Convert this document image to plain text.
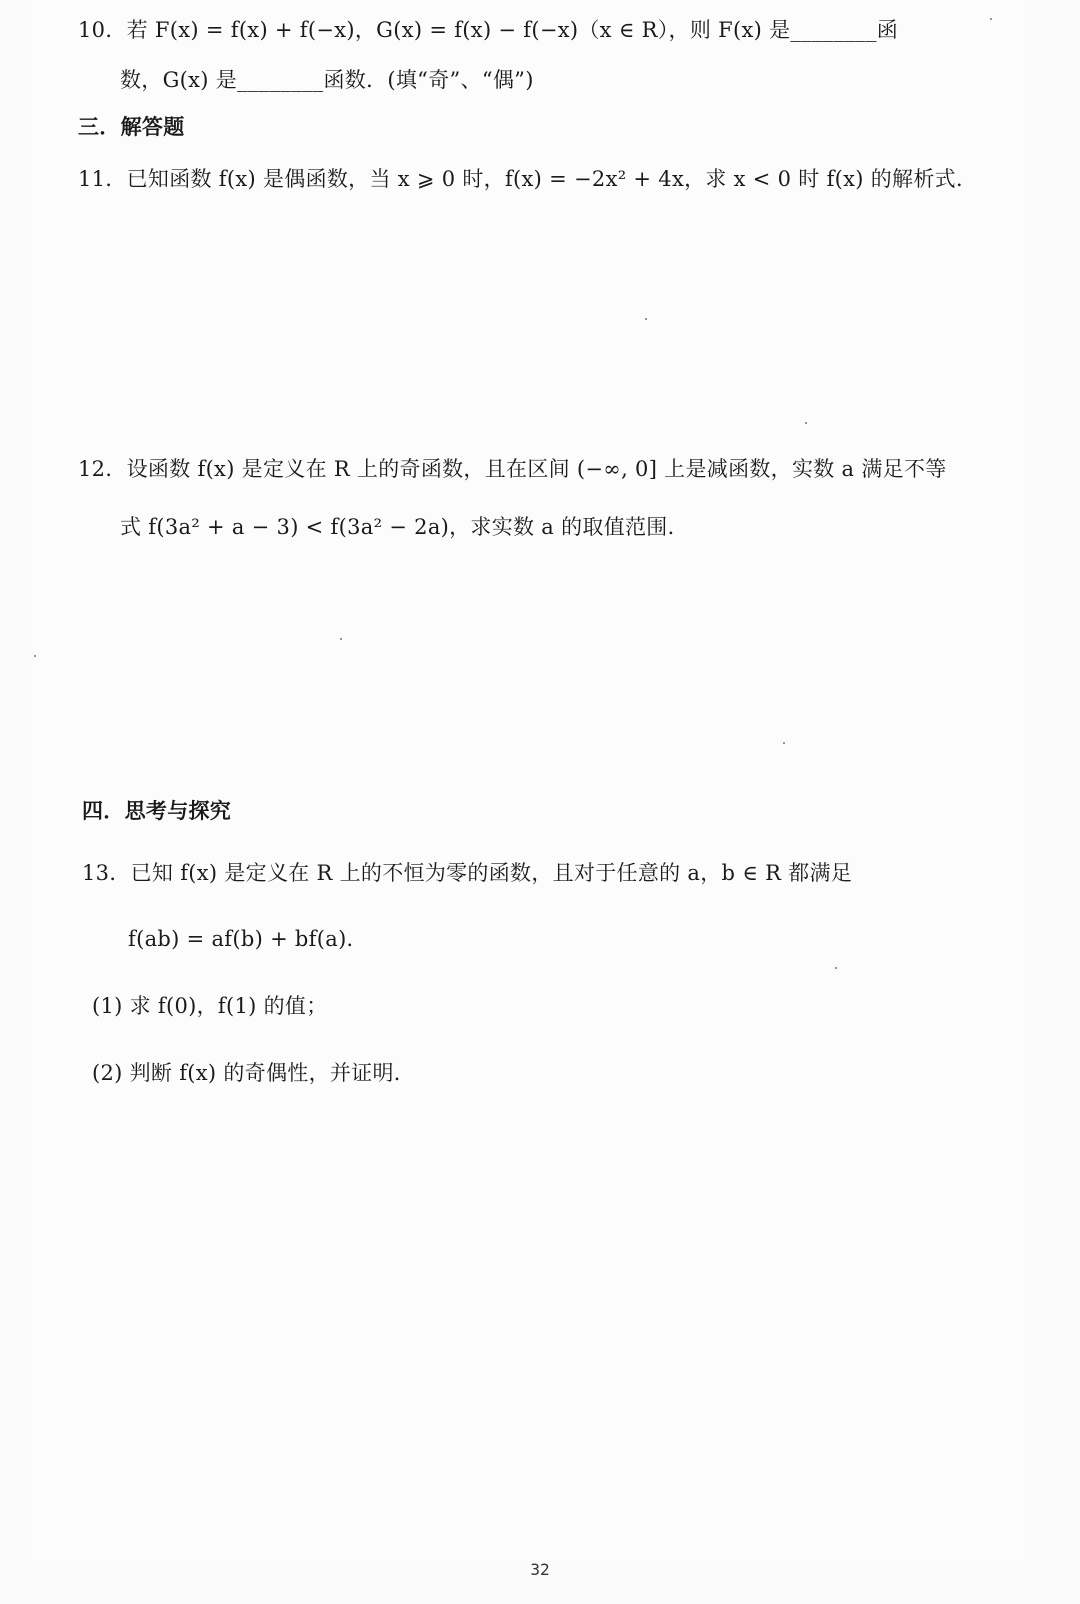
10．若 F(x) = f(x) + f(−x)，G(x) = f(x) − f(−x)（x ∈ R），则 F(x) 是________函
数，G(x) 是________函数．(填“奇”、“偶”)
三．解答题
11．已知函数 f(x) 是偶函数，当 x ⩾ 0 时，f(x) = −2x² + 4x，求 x < 0 时 f(x) 的解析式．
12．设函数 f(x) 是定义在 R 上的奇函数，且在区间 (−∞, 0] 上是减函数，实数 a 满足不等
式 f(3a² + a − 3) < f(3a² − 2a)，求实数 a 的取值范围．
四．思考与探究
13．已知 f(x) 是定义在 R 上的不恒为零的函数，且对于任意的 a，b ∈ R 都满足
f(ab) = af(b) + bf(a)．
(1) 求 f(0)，f(1) 的值；
(2) 判断 f(x) 的奇偶性，并证明．
32
